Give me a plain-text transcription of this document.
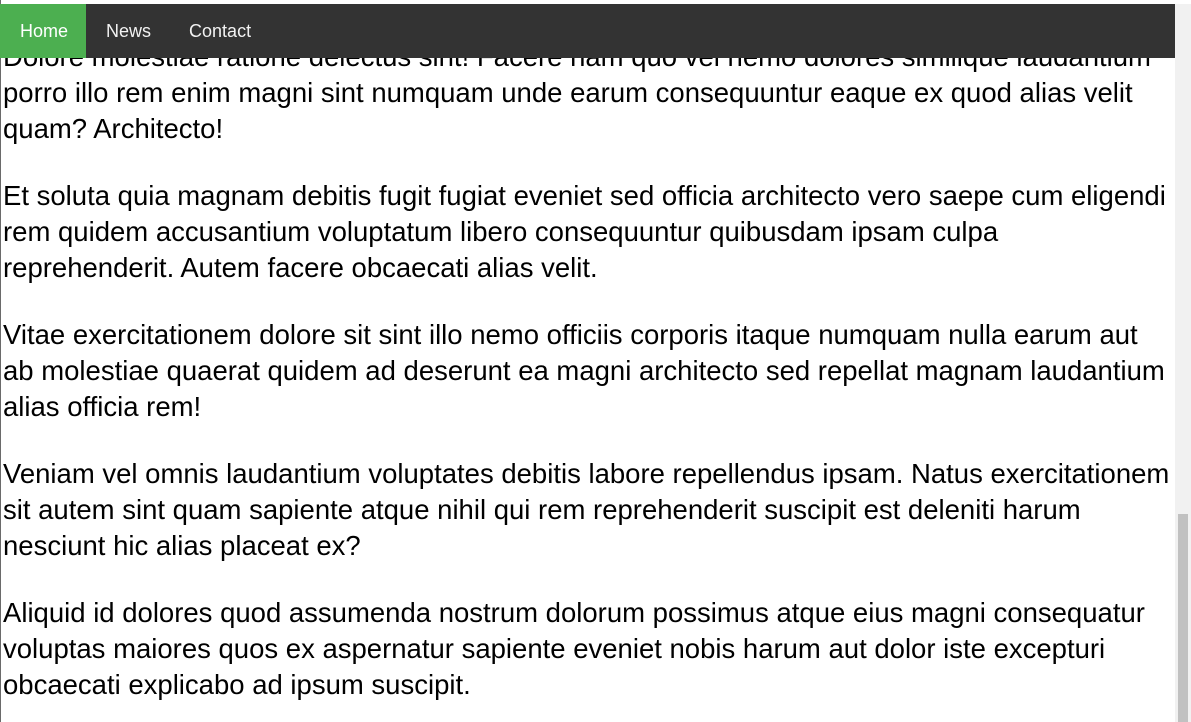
porro illo rem enim magni sint numquam unde earum consequuntur eaque ex quod alias velit quam? Architecto!

Et soluta quia magnam debitis fugit fugiat eveniet sed officia architecto vero saepe cum eligendi rem quidem accusantium voluptatum libero consequuntur quibusdam ipsam culpa reprehenderit. Autem facere obcaecati alias velit.

Vitae exercitationem dolore sit sint illo nemo officiis corporis itaque numquam nulla earum aut ab molestiae quaerat quidem ad deserunt ea magni architecto sed repellat magnam laudantium alias officia rem!

Veniam vel omnis laudantium voluptates debitis labore repellendus ipsam. Natus exercitationem sit autem sint quam sapiente atque nihil qui rem reprehenderit suscipit est deleniti harum nesciunt hic alias placeat ex?

Aliquid id dolores quod assumenda nostrum dolorum possimus atque eius magni consequatur voluptas maiores quos ex aspernatur sapiente eveniet nobis harum aut dolor iste excepturi obcaecati explicabo ad ipsum suscipit.

Home	News	Contact
